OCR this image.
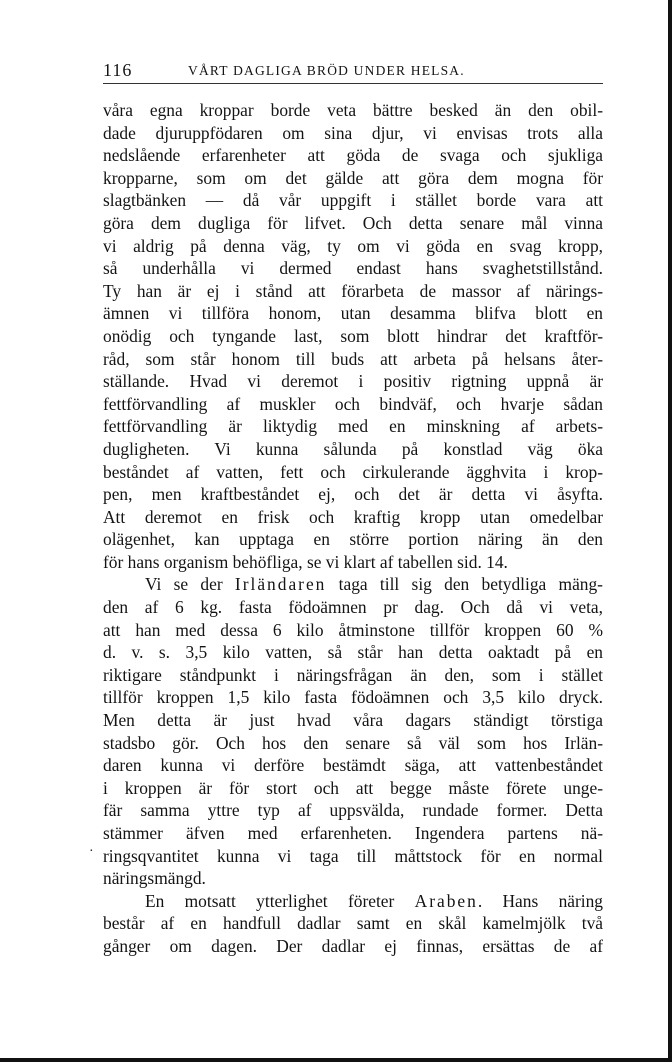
116	VÅRT DAGLIGA BRÖD UNDER HELSA.
våra egna kroppar borde veta bättre besked än den obil-
dade djuruppfödaren om sina djur, vi envisas trots alla
nedslående erfarenheter att göda de svaga och sjukliga
kropparne, som om det gälde att göra dem mogna för
slagtbänken — då vår uppgift i stället borde vara att
göra dem dugliga för lifvet. Och detta senare mål vinna
vi aldrig på denna väg, ty om vi göda en svag kropp,
så underhålla vi dermed endast hans svaghetstillstånd.
Ty han är ej i stånd att förarbeta de massor af närings-
ämnen vi tillföra honom, utan desamma blifva blott en
onödig och tyngande last, som blott hindrar det kraftför-
råd, som står honom till buds att arbeta på helsans åter-
ställande. Hvad vi deremot i positiv rigtning uppnå är
fettförvandling af muskler och bindväf, och hvarje sådan
fettförvandling är liktydig med en minskning af arbets-
dugligheten. Vi kunna sålunda på konstlad väg öka
beståndet af vatten, fett och cirkulerande ägghvita i krop-
pen, men kraftbeståndet ej, och det är detta vi åsyfta.
Att deremot en frisk och kraftig kropp utan omedelbar
olägenhet, kan upptaga en större portion näring än den
för hans organism behöfliga, se vi klart af tabellen sid. 14.
Vi se der Irländaren taga till sig den betydliga mäng-
den af 6 kg. fasta födoämnen pr dag. Och då vi veta,
att han med dessa 6 kilo åtminstone tillför kroppen 60 %
d. v. s. 3,5 kilo vatten, så står han detta oaktadt på en
riktigare ståndpunkt i näringsfrågan än den, som i stället
tillför kroppen 1,5 kilo fasta födoämnen och 3,5 kilo dryck.
Men detta är just hvad våra dagars ständigt törstiga
stadsbo gör. Och hos den senare så väl som hos Irlän-
daren kunna vi derföre bestämdt säga, att vattenbeståndet
i kroppen är för stort och att begge måste förete unge-
fär samma yttre typ af uppsvälda, rundade former. Detta
stämmer äfven med erfarenheten. Ingendera partens nä-
ringsqvantitet kunna vi taga till måttstock för en normal
näringsmängd.
En motsatt ytterlighet företer Araben. Hans näring
består af en handfull dadlar samt en skål kamelmjölk två
gånger om dagen. Der dadlar ej finnas, ersättas de af
·
